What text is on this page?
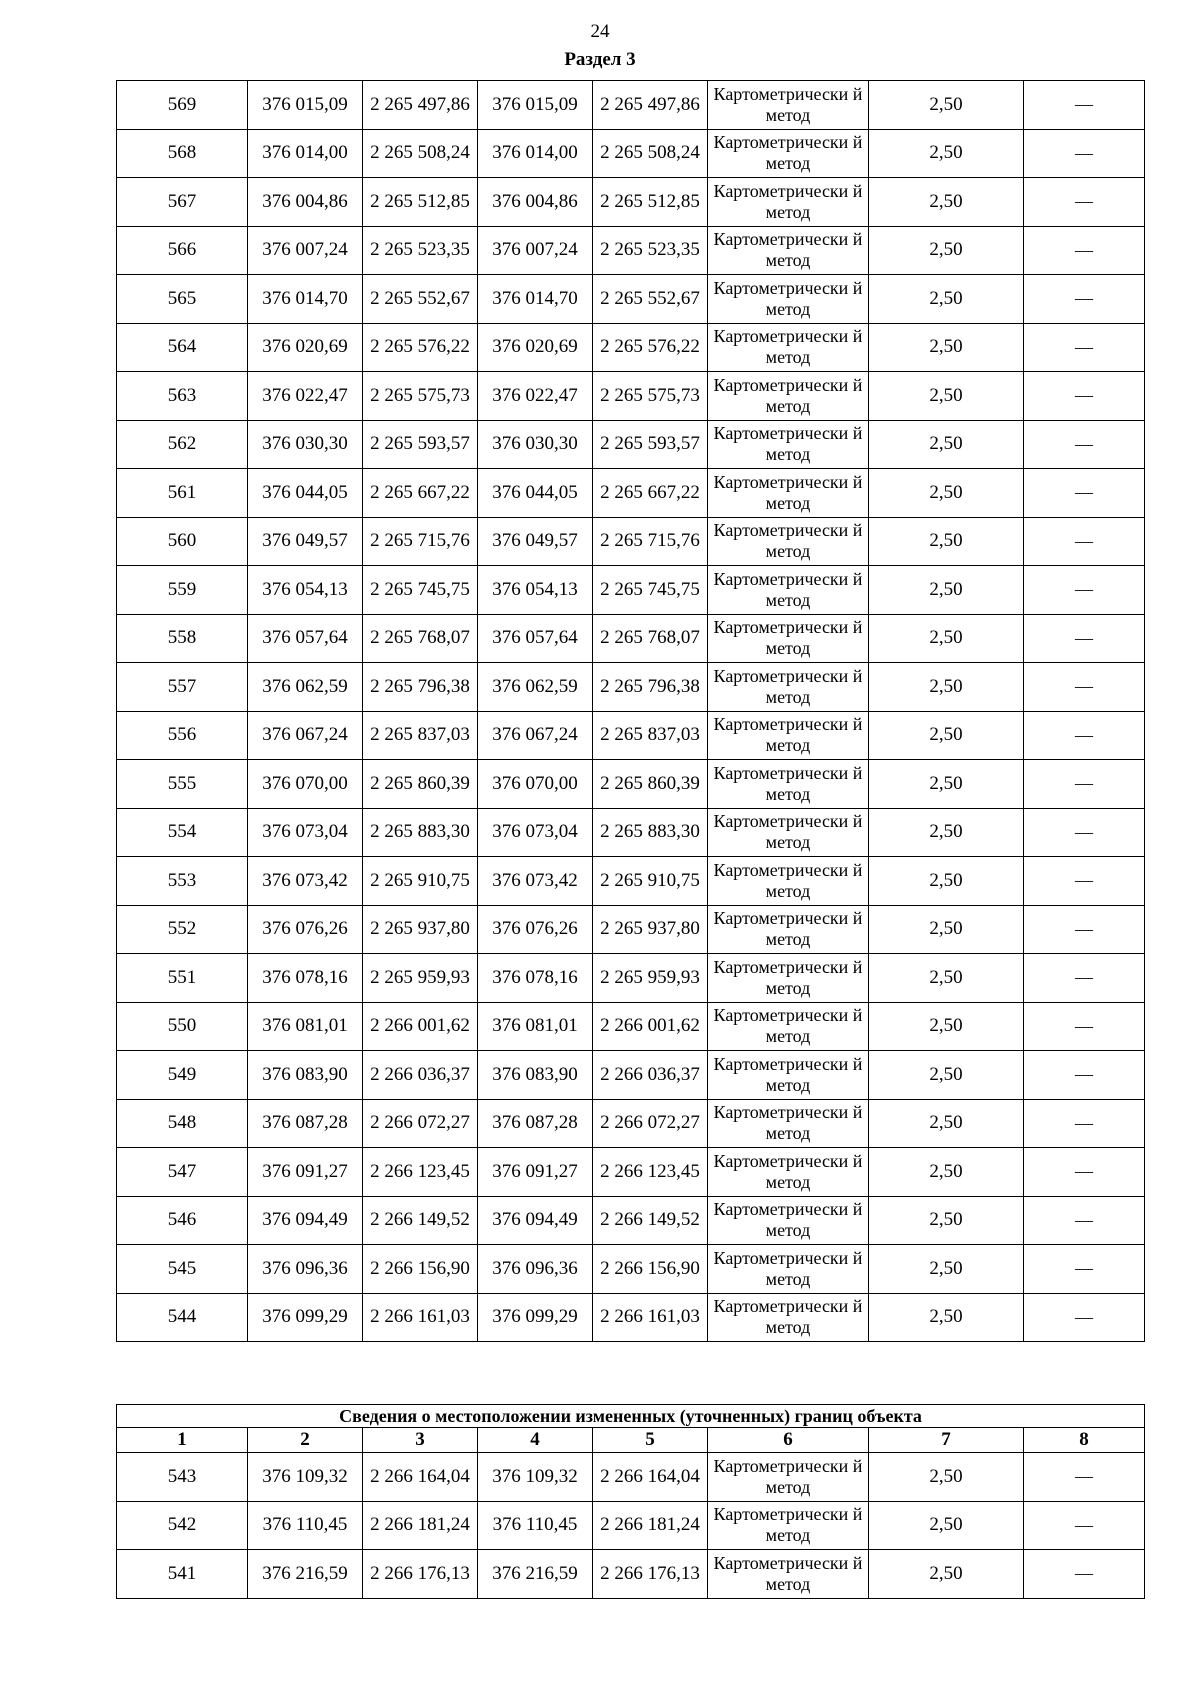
24
Раздел 3
569	376 015,09	2 265 497,86	376 015,09	2 265 497,86	Картометрически й метод	2,50	—
568	376 014,00	2 265 508,24	376 014,00	2 265 508,24	Картометрически й метод	2,50	—
567	376 004,86	2 265 512,85	376 004,86	2 265 512,85	Картометрически й метод	2,50	—
566	376 007,24	2 265 523,35	376 007,24	2 265 523,35	Картометрически й метод	2,50	—
565	376 014,70	2 265 552,67	376 014,70	2 265 552,67	Картометрически й метод	2,50	—
564	376 020,69	2 265 576,22	376 020,69	2 265 576,22	Картометрически й метод	2,50	—
563	376 022,47	2 265 575,73	376 022,47	2 265 575,73	Картометрически й метод	2,50	—
562	376 030,30	2 265 593,57	376 030,30	2 265 593,57	Картометрически й метод	2,50	—
561	376 044,05	2 265 667,22	376 044,05	2 265 667,22	Картометрически й метод	2,50	—
560	376 049,57	2 265 715,76	376 049,57	2 265 715,76	Картометрически й метод	2,50	—
559	376 054,13	2 265 745,75	376 054,13	2 265 745,75	Картометрически й метод	2,50	—
558	376 057,64	2 265 768,07	376 057,64	2 265 768,07	Картометрически й метод	2,50	—
557	376 062,59	2 265 796,38	376 062,59	2 265 796,38	Картометрически й метод	2,50	—
556	376 067,24	2 265 837,03	376 067,24	2 265 837,03	Картометрически й метод	2,50	—
555	376 070,00	2 265 860,39	376 070,00	2 265 860,39	Картометрически й метод	2,50	—
554	376 073,04	2 265 883,30	376 073,04	2 265 883,30	Картометрически й метод	2,50	—
553	376 073,42	2 265 910,75	376 073,42	2 265 910,75	Картометрически й метод	2,50	—
552	376 076,26	2 265 937,80	376 076,26	2 265 937,80	Картометрически й метод	2,50	—
551	376 078,16	2 265 959,93	376 078,16	2 265 959,93	Картометрически й метод	2,50	—
550	376 081,01	2 266 001,62	376 081,01	2 266 001,62	Картометрически й метод	2,50	—
549	376 083,90	2 266 036,37	376 083,90	2 266 036,37	Картометрически й метод	2,50	—
548	376 087,28	2 266 072,27	376 087,28	2 266 072,27	Картометрически й метод	2,50	—
547	376 091,27	2 266 123,45	376 091,27	2 266 123,45	Картометрически й метод	2,50	—
546	376 094,49	2 266 149,52	376 094,49	2 266 149,52	Картометрически й метод	2,50	—
545	376 096,36	2 266 156,90	376 096,36	2 266 156,90	Картометрически й метод	2,50	—
544	376 099,29	2 266 161,03	376 099,29	2 266 161,03	Картометрически й метод	2,50	—
Сведения о местоположении измененных (уточненных) границ объекта							
1	2	3	4	5	6	7	8
543	376 109,32	2 266 164,04	376 109,32	2 266 164,04	Картометрически й метод	2,50	—
542	376 110,45	2 266 181,24	376 110,45	2 266 181,24	Картометрически й метод	2,50	—
541	376 216,59	2 266 176,13	376 216,59	2 266 176,13	Картометрически й метод	2,50	—
